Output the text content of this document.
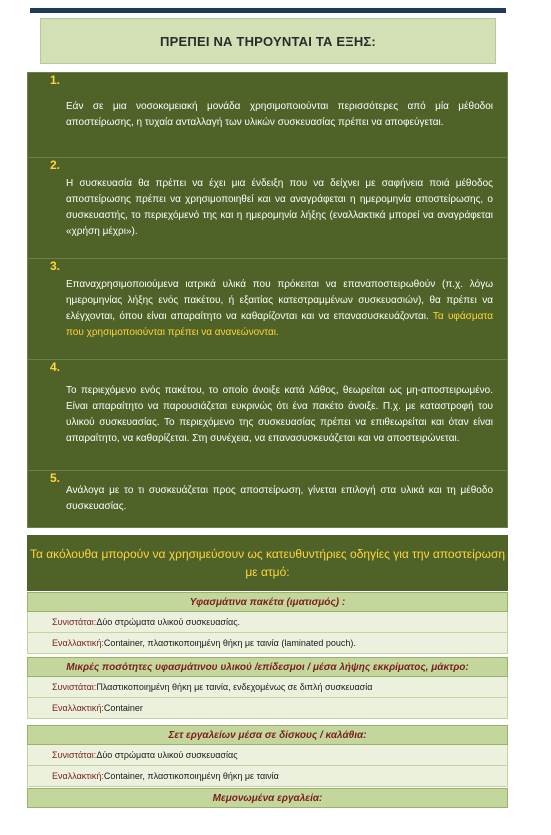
ΠΡΕΠΕΙ ΝΑ ΤΗΡΟΥΝΤΑΙ ΤΑ ΕΞΗΣ:
1.
Εάν σε μια νοσοκομειακή μονάδα χρησιμοποιούνται περισσότερες από μία μέθοδοι αποστείρωσης, η τυχαία ανταλλαγή των υλικών συσκευασίας πρέπει να αποφεύγεται.
2.
Η συσκευασία θα πρέπει να έχει μια ένδειξη που να δείχνει με σαφήνεια ποιά μέθοδος αποστείρωσης πρέπει να χρησιμοποιηθεί και να αναγράφεται η ημερομηνία αποστείρωσης, ο συσκευαστής, το περιεχόμενό της και η ημερομηνία λήξης (εναλλακτικά μπορεί να αναγράφεται «χρήση μέχρι»).
3.
Επαναχρησιμοποιούμενα ιατρικά υλικά που πρόκειται να επαναποστειρωθούν (π.χ. λόγω ημερομηνίας λήξης ενός πακέτου, ή εξαιτίας κατεστραμμένων συσκευασιών), θα πρέπει να ελέγχονται, όπου είναι απαραίτητο να καθαρίζονται και να επανασυσκευάζονται. Τα υφάσματα που χρησιμοποιούνται πρέπει να ανανεώνονται.
4.
Το περιεχόμενο ενός πακέτου, το οποίο άνοιξε κατά λάθος, θεωρείται ως μη-αποστειρωμένο. Είναι απαραίτητο να παρουσιάζεται ευκρινώς ότι ένα πακέτο άνοιξε. Π.χ. με καταστροφή του υλικού συσκευασίας. Το περιεχόμενο της συσκευασίας πρέπει να επιθεωρείται και όταν είναι απαραίτητο, να καθαρίζεται. Στη συνέχεια, να επανασυσκευάζεται και να αποστειρώνεται.
5.
Ανάλογα με το τι συσκευάζεται προς αποστείρωση, γίνεται επιλογή στα υλικά και τη μέθοδο συσκευασίας.
Τα ακόλουθα μπορούν να χρησιμεύσουν ως κατευθυντήριες οδηγίες για την αποστείρωση με ατμό:
Υφασμάτινα πακέτα (ιματισμός) :
Συνιστάται: Δύο στρώματα υλικού συσκευασίας.
Εναλλακτική: Container, πλαστικοποιημένη θήκη με ταινία (laminated pouch).
Μικρές ποσότητες υφασμάτινου υλικού /επίδεσμοι / μέσα λήψης εκκρίματος, μάκτρο:
Συνιστάται: Πλαστικοποιημένη θήκη με ταινία, ενδεχομένως σε διπλή συσκευασία
Εναλλακτική: Container
Σετ εργαλείων μέσα σε δίσκους / καλάθια:
Συνιστάται: Δύο στρώματα υλικού συσκευασίας
Εναλλακτική: Container, πλαστικοποιημένη θήκη με ταινία
Μεμονωμένα εργαλεία:
